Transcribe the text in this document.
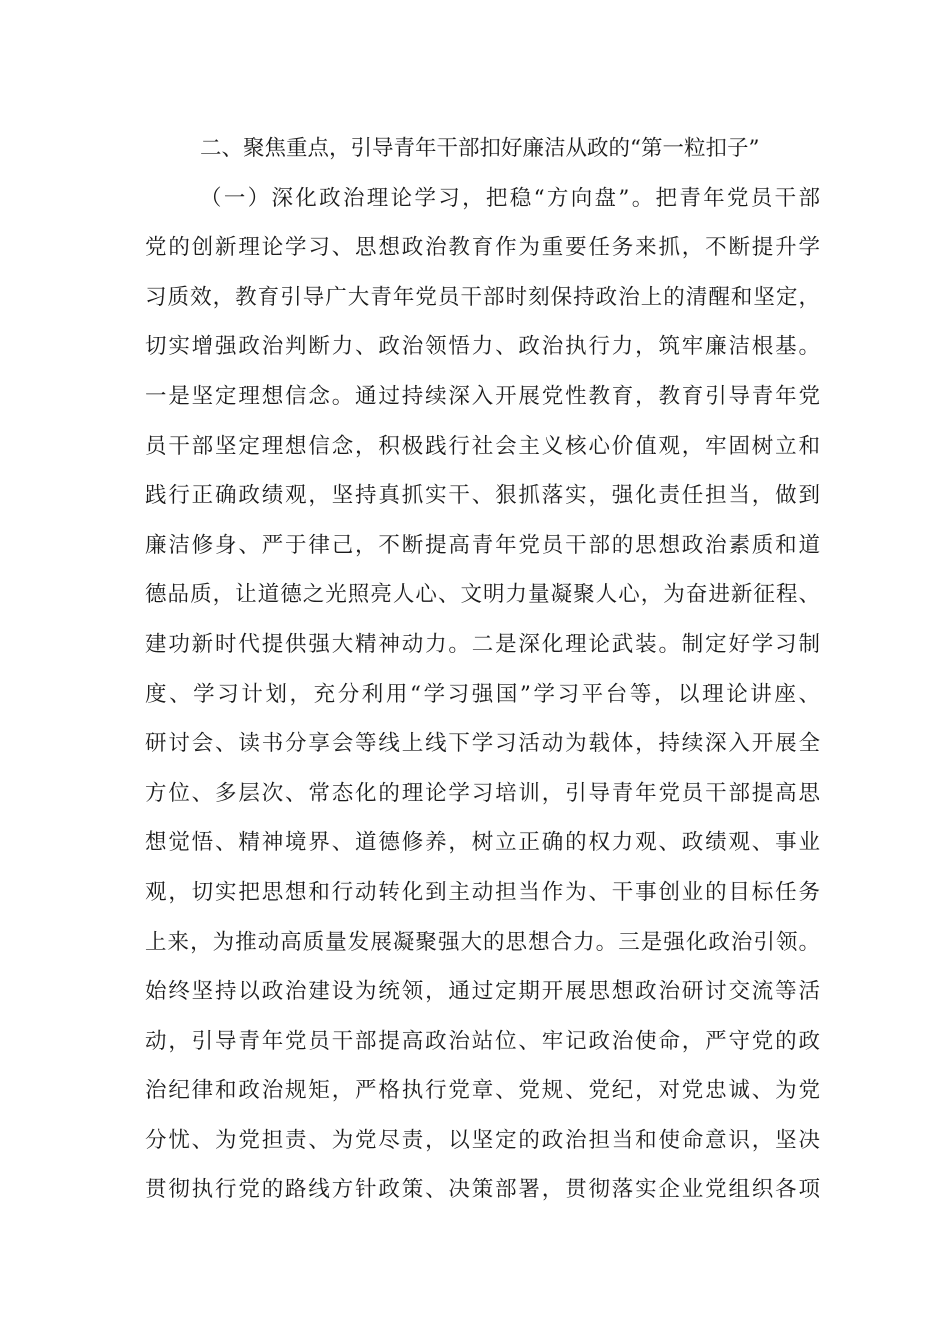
二、聚焦重点，引导青年干部扣好廉洁从政的“第一粒扣子”
（一）深化政治理论学习，把稳“方向盘”。把青年党员干部
党的创新理论学习、思想政治教育作为重要任务来抓，不断提升学
习质效，教育引导广大青年党员干部时刻保持政治上的清醒和坚定，
切实增强政治判断力、政治领悟力、政治执行力，筑牢廉洁根基。
一是坚定理想信念。通过持续深入开展党性教育，教育引导青年党
员干部坚定理想信念，积极践行社会主义核心价值观，牢固树立和
践行正确政绩观，坚持真抓实干、狠抓落实，强化责任担当，做到
廉洁修身、严于律己，不断提高青年党员干部的思想政治素质和道
德品质，让道德之光照亮人心、文明力量凝聚人心，为奋进新征程、
建功新时代提供强大精神动力。二是深化理论武装。制定好学习制
度、学习计划，充分利用“学习强国”学习平台等，以理论讲座、
研讨会、读书分享会等线上线下学习活动为载体，持续深入开展全
方位、多层次、常态化的理论学习培训，引导青年党员干部提高思
想觉悟、精神境界、道德修养，树立正确的权力观、政绩观、事业
观，切实把思想和行动转化到主动担当作为、干事创业的目标任务
上来，为推动高质量发展凝聚强大的思想合力。三是强化政治引领。
始终坚持以政治建设为统领，通过定期开展思想政治研讨交流等活
动，引导青年党员干部提高政治站位、牢记政治使命，严守党的政
治纪律和政治规矩，严格执行党章、党规、党纪，对党忠诚、为党
分忧、为党担责、为党尽责，以坚定的政治担当和使命意识，坚决
贯彻执行党的路线方针政策、决策部署，贯彻落实企业党组织各项
